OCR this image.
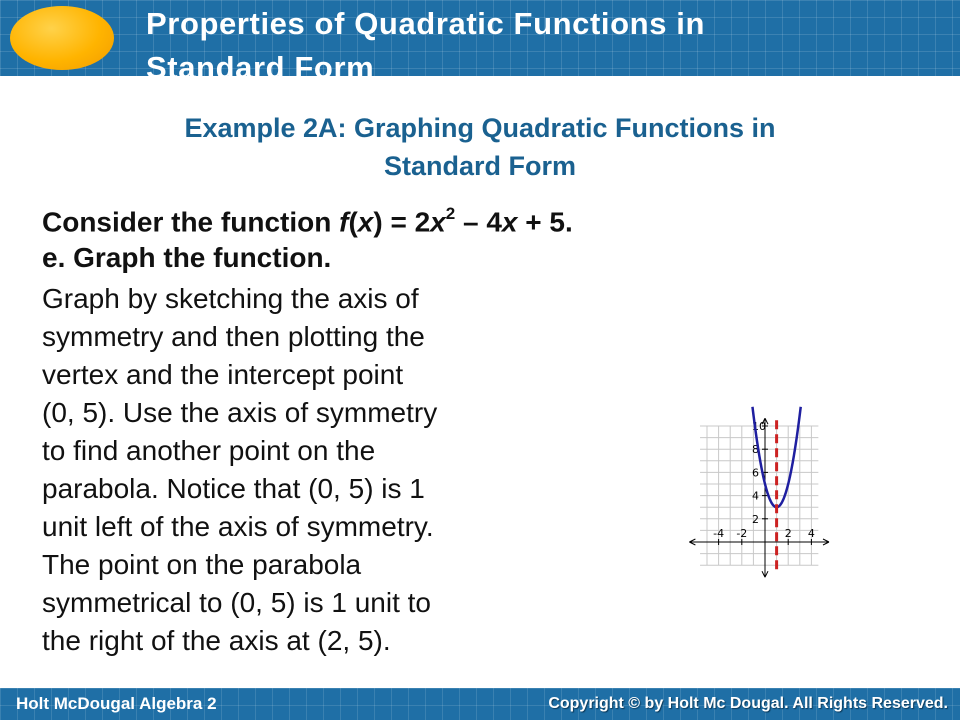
Properties of Quadratic Functions in
Standard Form
Example 2A: Graphing Quadratic Functions in
Standard Form
Consider the function $f(x) = 2x^2 - 4x + 5$.
e. Graph the function.
Graph by sketching the axis of
symmetry and then plotting the
vertex and the intercept point
(0, 5). Use the axis of symmetry
to find another point on the
parabola. Notice that (0, 5) is 1
unit left of the axis of symmetry.
The point on the parabola
symmetrical to (0, 5) is 1 unit to
the right of the axis at (2, 5).
-4 -2	2 4
2
4
6
8
10
Holt McDougal Algebra 2	Copyright © by Holt Mc Dougal. All Rights Reserved.
